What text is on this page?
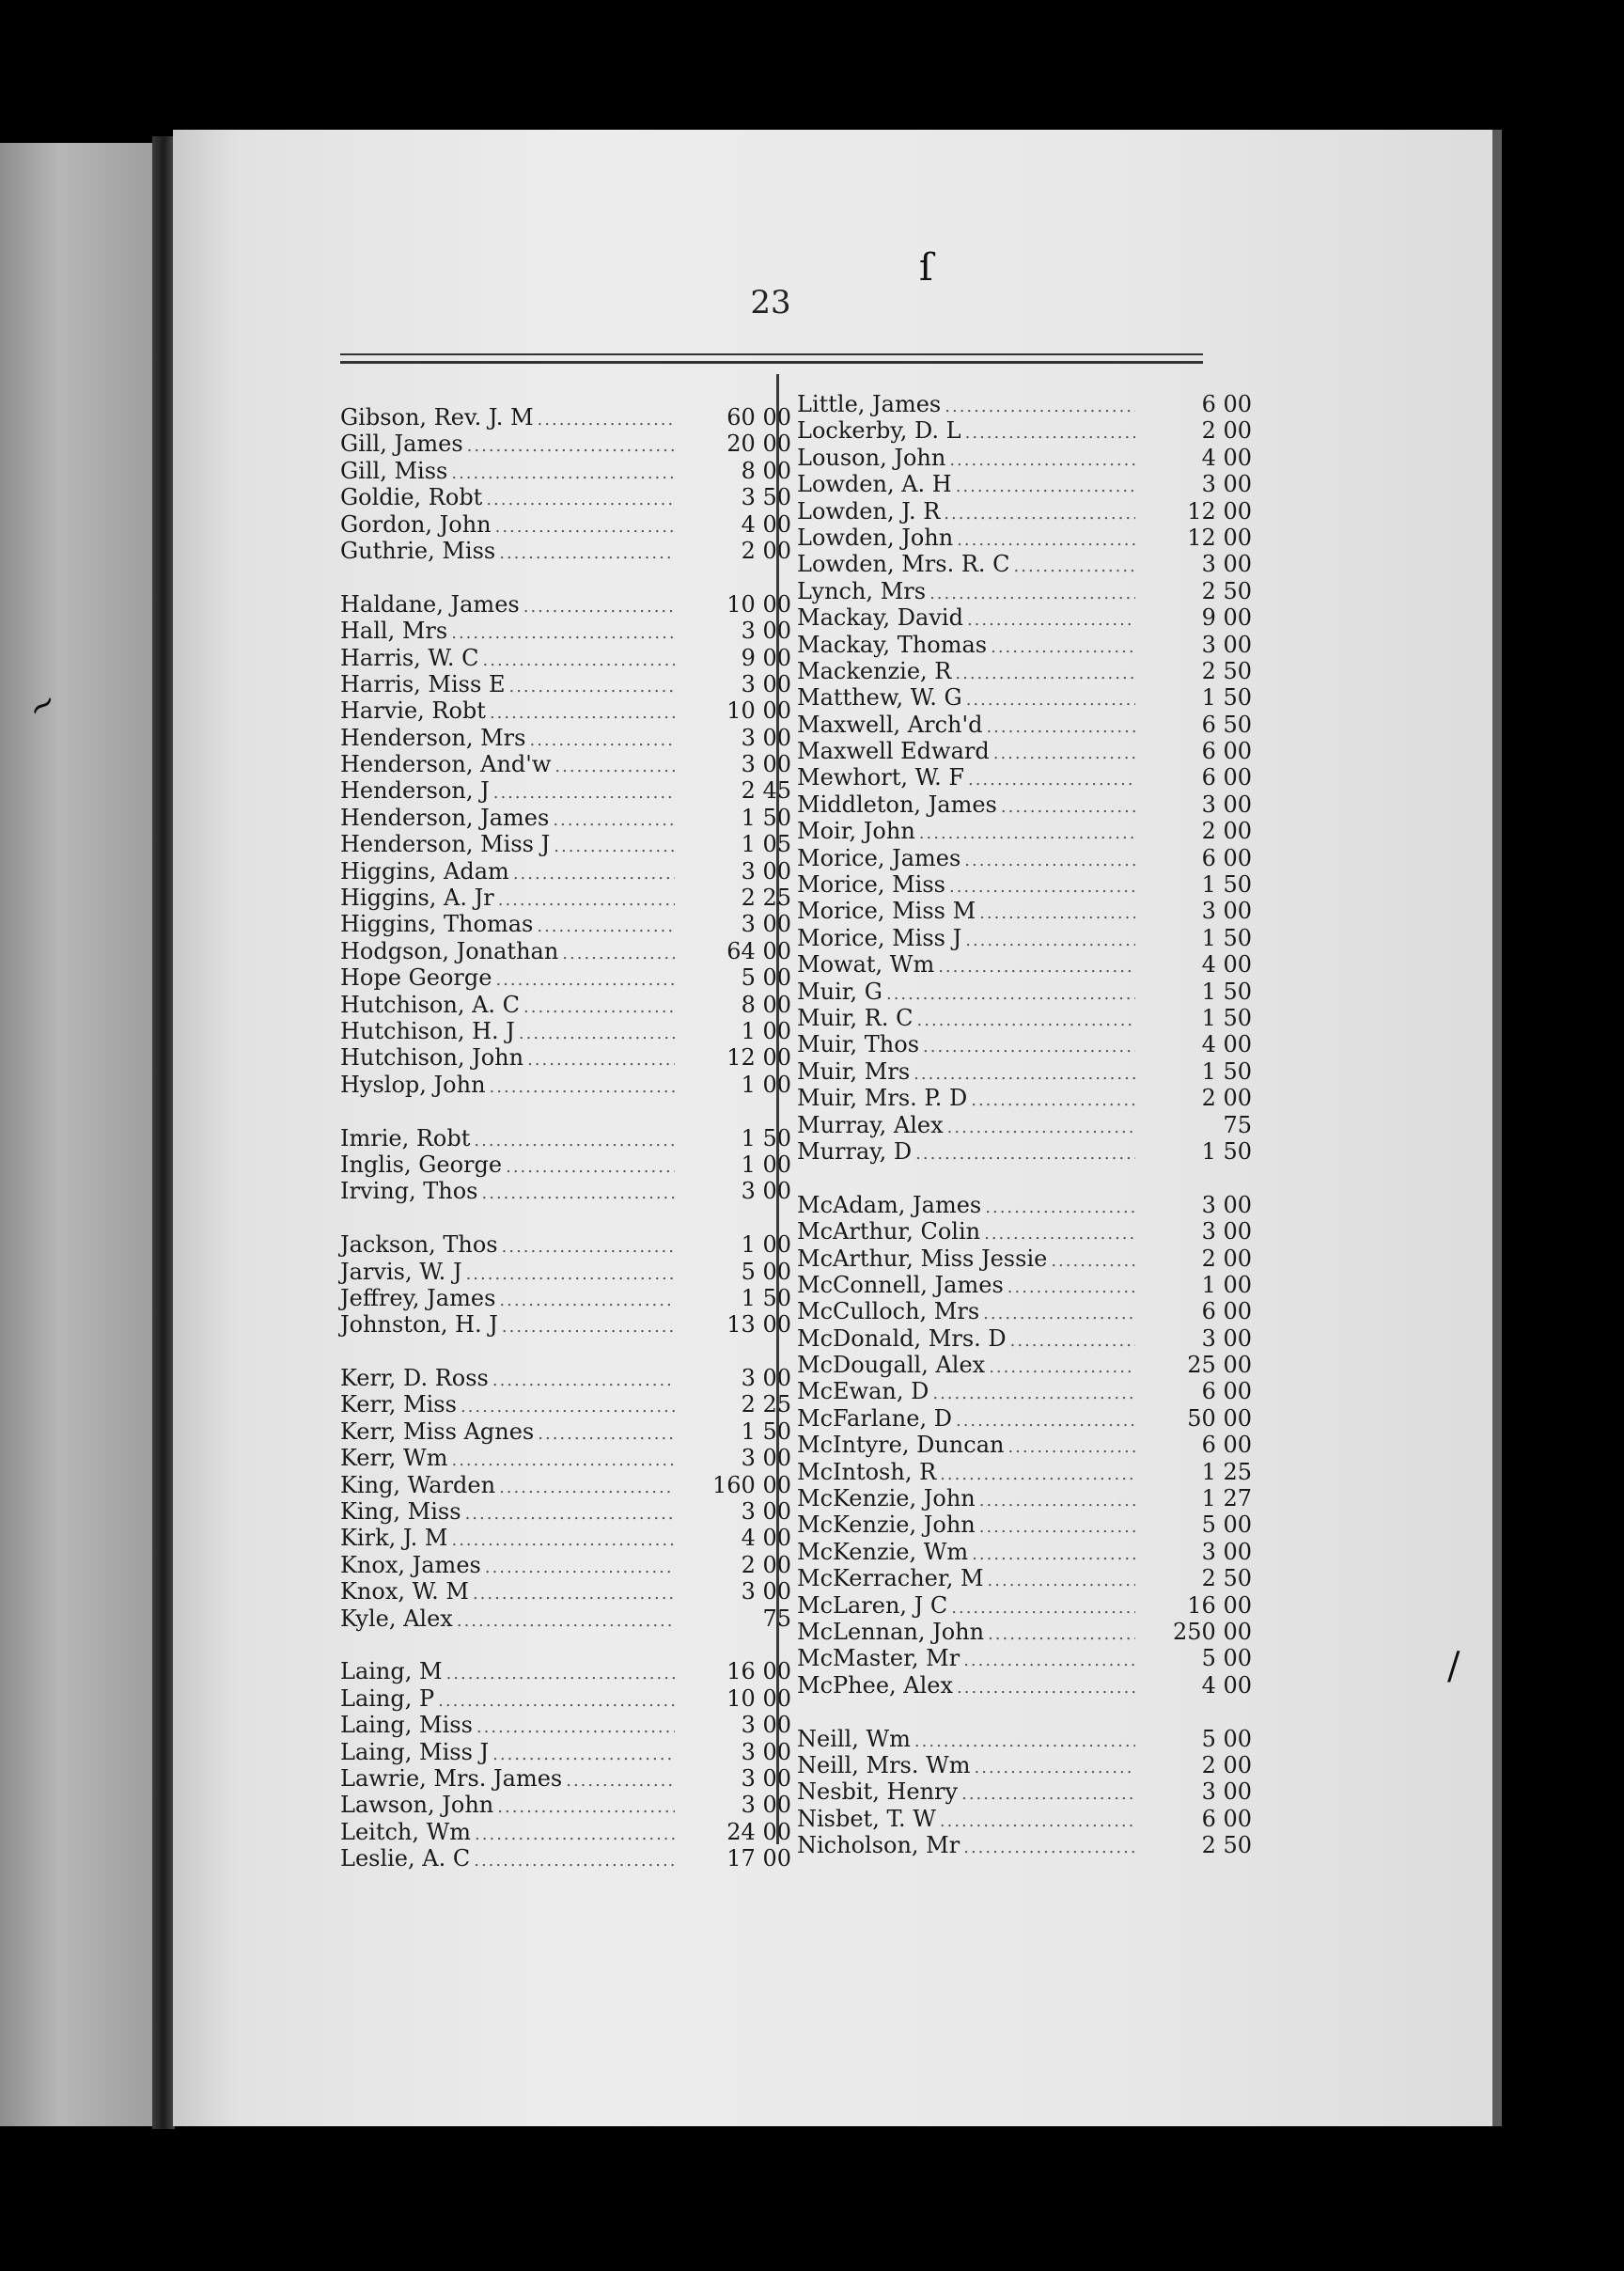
23
Gibson, Rev. J. M .....	60 00
Gill, James .....	20 00
Gill, Miss .....	8 00
Goldie, Robt .....	3 50
Gordon, John .....	4 00
Guthrie, Miss .....	2 00
Haldane, James .....	10 00
Hall, Mrs .....	3 00
Harris, W. C .....	9 00
Harris, Miss E .....	3 00
Harvie, Robt .....	10 00
Henderson, Mrs .....	3 00
Henderson, And'w .....	3 00
Henderson, J .....	2 45
Henderson, James .....	1 50
Henderson, Miss J .....	1 05
Higgins, Adam .....	3 00
Higgins, A. Jr .....	2 25
Higgins, Thomas .....	3 00
Hodgson, Jonathan .....	64 00
Hope George .....	5 00
Hutchison, A. C .....	8 00
Hutchison, H. J .....	1 00
Hutchison, John .....	12 00
Hyslop, John .....	1 00
Imrie, Robt .....	1 50
Inglis, George .....	1 00
Irving, Thos .....	3 00
Jackson, Thos .....	1 00
Jarvis, W. J .....	5 00
Jeffrey, James .....	1 50
Johnston, H. J .....	13 00
Kerr, D. Ross .....	3 00
Kerr, Miss .....	2 25
Kerr, Miss Agnes .....	1 50
Kerr, Wm .....	3 00
King, Warden .....	160 00
King, Miss .....	3 00
Kirk, J. M .....	4 00
Knox, James .....	2 00
Knox, W. M .....	3 00
Kyle, Alex .....	75
Laing, M .....	16 00
Laing, P .....	10 00
Laing, Miss .....	3 00
Laing, Miss J .....	3 00
Lawrie, Mrs. James .....	3 00
Lawson, John .....	3 00
Leitch, Wm .....	24 00
Leslie, A. C .....	17 00
Little, James .....	6 00
Lockerby, D. L .....	2 00
Louson, John .....	4 00
Lowden, A. H .....	3 00
Lowden, J. R .....	12 00
Lowden, John .....	12 00
Lowden, Mrs. R. C .....	3 00
Lynch, Mrs .....	2 50
Mackay, David .....	9 00
Mackay, Thomas .....	3 00
Mackenzie, R .....	2 50
Matthew, W. G .....	1 50
Maxwell, Arch'd .....	6 50
Maxwell Edward .....	6 00
Mewhort, W. F .....	6 00
Middleton, James .....	3 00
Moir, John .....	2 00
Morice, James .....	6 00
Morice, Miss .....	1 50
Morice, Miss M .....	3 00
Morice, Miss J .....	1 50
Mowat, Wm .....	4 00
Muir, G .....	1 50
Muir, R. C .....	1 50
Muir, Thos .....	4 00
Muir, Mrs .....	1 50
Muir, Mrs. P. D .....	2 00
Murray, Alex .....	75
Murray, D .....	1 50
McAdam, James .....	3 00
McArthur, Colin .....	3 00
McArthur, Miss Jessie .....	2 00
McConnell, James .....	1 00
McCulloch, Mrs .....	6 00
McDonald, Mrs. D .....	3 00
McDougall, Alex .....	25 00
McEwan, D .....	6 00
McFarlane, D .....	50 00
McIntyre, Duncan .....	6 00
McIntosh, R .....	1 25
McKenzie, John .....	1 27
McKenzie, John .....	5 00
McKenzie, Wm .....	3 00
McKerracher, M .....	2 50
McLaren, J C .....	16 00
McLennan, John .....	250 00
McMaster, Mr .....	5 00
McPhee, Alex .....	4 00
Neill, Wm .....	5 00
Neill, Mrs. Wm .....	2 00
Nesbit, Henry .....	3 00
Nisbet, T. W .....	6 00
Nicholson, Mr .....	2 50
ſ
/
~
